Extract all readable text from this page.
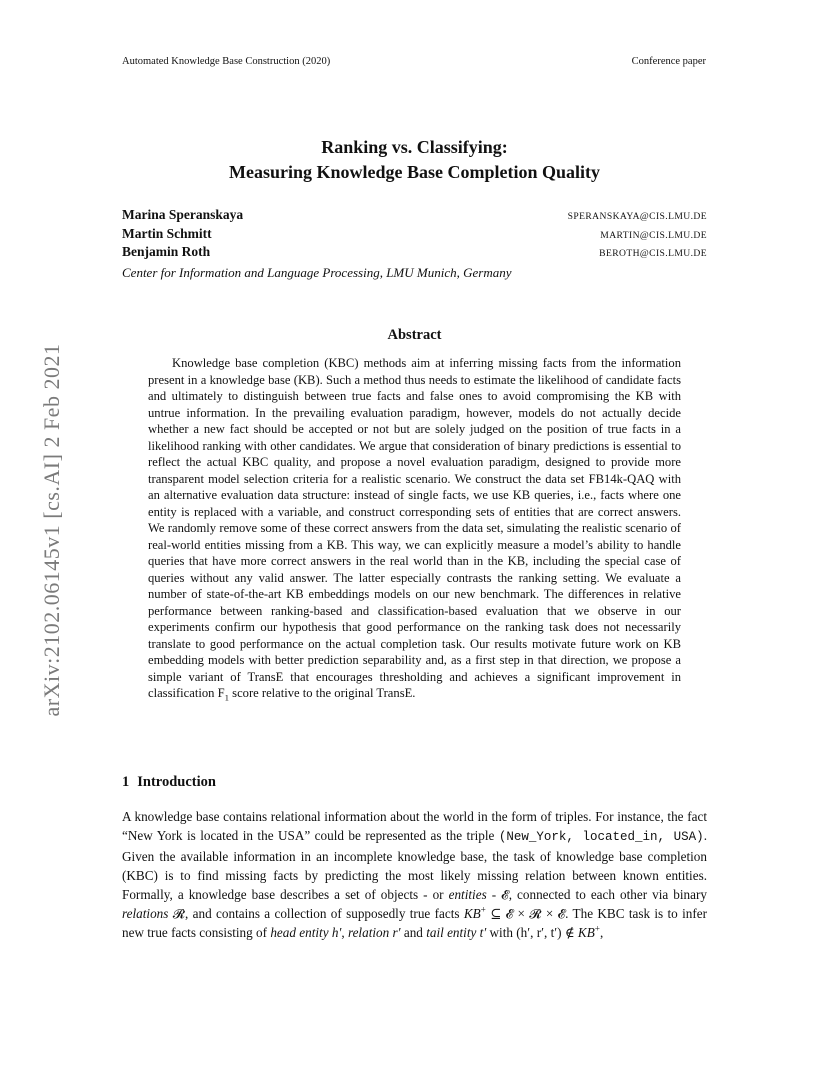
Automated Knowledge Base Construction (2020)	Conference paper
arXiv:2102.06145v1 [cs.AI] 2 Feb 2021
Ranking vs. Classifying:
Measuring Knowledge Base Completion Quality
Marina Speranskaya	SPERANSKAYA@CIS.LMU.DE
Martin Schmitt	MARTIN@CIS.LMU.DE
Benjamin Roth	BEROTH@CIS.LMU.DE
Center for Information and Language Processing, LMU Munich, Germany
Abstract

Knowledge base completion (KBC) methods aim at inferring missing facts from the information present in a knowledge base (KB). Such a method thus needs to estimate the likelihood of candidate facts and ultimately to distinguish between true facts and false ones to avoid compromising the KB with untrue information. In the prevailing evaluation paradigm, however, models do not actually decide whether a new fact should be accepted or not but are solely judged on the position of true facts in a likelihood ranking with other candidates. We argue that consideration of binary predictions is essential to reflect the actual KBC quality, and propose a novel evaluation paradigm, designed to provide more transparent model selection criteria for a realistic scenario. We construct the data set FB14k-QAQ with an alternative evaluation data structure: instead of single facts, we use KB queries, i.e., facts where one entity is replaced with a variable, and construct corresponding sets of entities that are correct answers. We randomly remove some of these correct answers from the data set, simulating the realistic scenario of real-world entities missing from a KB. This way, we can explicitly measure a model’s ability to handle queries that have more correct answers in the real world than in the KB, including the special case of queries without any valid answer. The latter especially contrasts the ranking setting. We evaluate a number of state-of-the-art KB embeddings models on our new benchmark. The differences in relative performance between ranking-based and classification-based evaluation that we observe in our experiments confirm our hypothesis that good performance on the ranking task does not necessarily translate to good performance on the actual completion task. Our results motivate future work on KB embedding models with better prediction separability and, as a first step in that direction, we propose a simple variant of TransE that encourages thresholding and achieves a significant improvement in classification $F_1$ score relative to the original TransE.

1 Introduction

A knowledge base contains relational information about the world in the form of triples. For instance, the fact “New York is located in the USA” could be represented as the triple (New_York, located_in, USA). Given the available information in an incomplete knowledge base, the task of knowledge base completion (KBC) is to find missing facts by predicting the most likely missing relation between known entities. Formally, a knowledge base describes a set of objects - or entities - 𝓔, connected to each other via binary relations 𝓡, and contains a collection of supposedly true facts KB+ ⊆ 𝓔 × 𝓡 × 𝓔. The KBC task is to infer new true facts consisting of head entity h′, relation r′ and tail entity t′ with (h′, r′, t′) ∉ KB+,
